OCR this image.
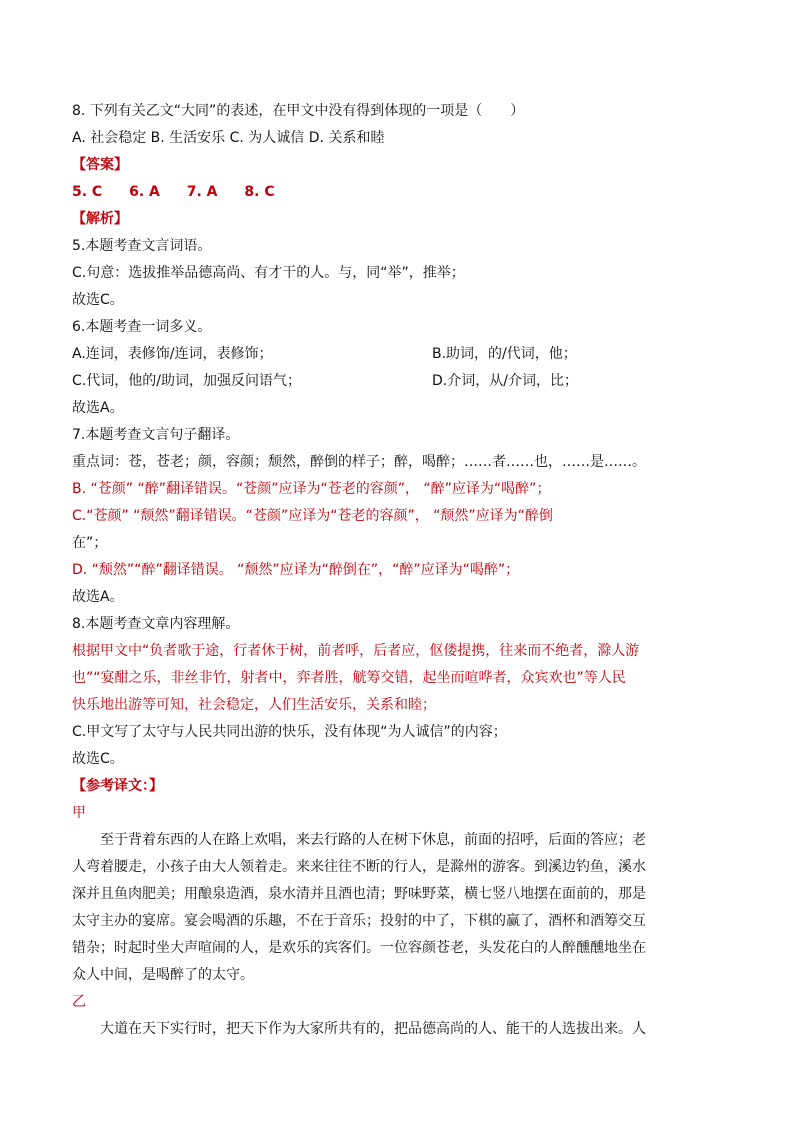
8. 下列有关乙文“大同”的表述，在甲文中没有得到体现的一项是（　　）
A. 社会稳定 B. 生活安乐 C. 为人诚信 D. 关系和睦
【答案】
5. C 6. A 7. A 8. C
【解析】
5.本题考查文言词语。
C.句意：选拔推举品德高尚、有才干的人。与，同“举”，推举；
故选C。
6.本题考查一词多义。
A.连词，表修饰/连词，表修饰；	B.助词，的/代词，他；
C.代词，他的/助词，加强反问语气；	D.介词，从/介词，比；
故选A。
7.本题考查文言句子翻译。
重点词：苍，苍老；颜，容颜；颓然，醉倒的样子；醉，喝醉；……者……也，……是……。
B. “苍颜” “醉”翻译错误。“苍颜”应译为“苍老的容颜”， “醉”应译为“喝醉”；
C.“苍颜” “颓然”翻译错误。“苍颜”应译为“苍老的容颜”， “颓然”应译为“醉倒
在”；
D. “颓然”“醉”翻译错误。 “颓然”应译为“醉倒在”，“醉”应译为“喝醉”；
故选A。
8.本题考查文章内容理解。
根据甲文中“负者歌于途，行者休于树，前者呼，后者应，伛偻提携，往来而不绝者，滁人游
也”“宴酣之乐，非丝非竹，射者中，弈者胜，觥筹交错，起坐而喧哗者，众宾欢也”等人民
快乐地出游等可知，社会稳定，人们生活安乐，关系和睦；
C.甲文写了太守与人民共同出游的快乐，没有体现“为人诚信”的内容；
故选C。
【参考译文：】
甲
至于背着东西的人在路上欢唱，来去行路的人在树下休息，前面的招呼，后面的答应；老
人弯着腰走，小孩子由大人领着走。来来往往不断的行人，是滁州的游客。到溪边钓鱼，溪水
深并且鱼肉肥美；用酿泉造酒，泉水清并且酒也清；野味野菜，横七竖八地摆在面前的，那是
太守主办的宴席。宴会喝酒的乐趣，不在于音乐；投射的中了，下棋的赢了，酒杯和酒筹交互
错杂；时起时坐大声喧闹的人，是欢乐的宾客们。一位容颜苍老，头发花白的人醉醺醺地坐在
众人中间，是喝醉了的太守。
乙
大道在天下实行时，把天下作为大家所共有的，把品德高尚的人、能干的人选拔出来。人
